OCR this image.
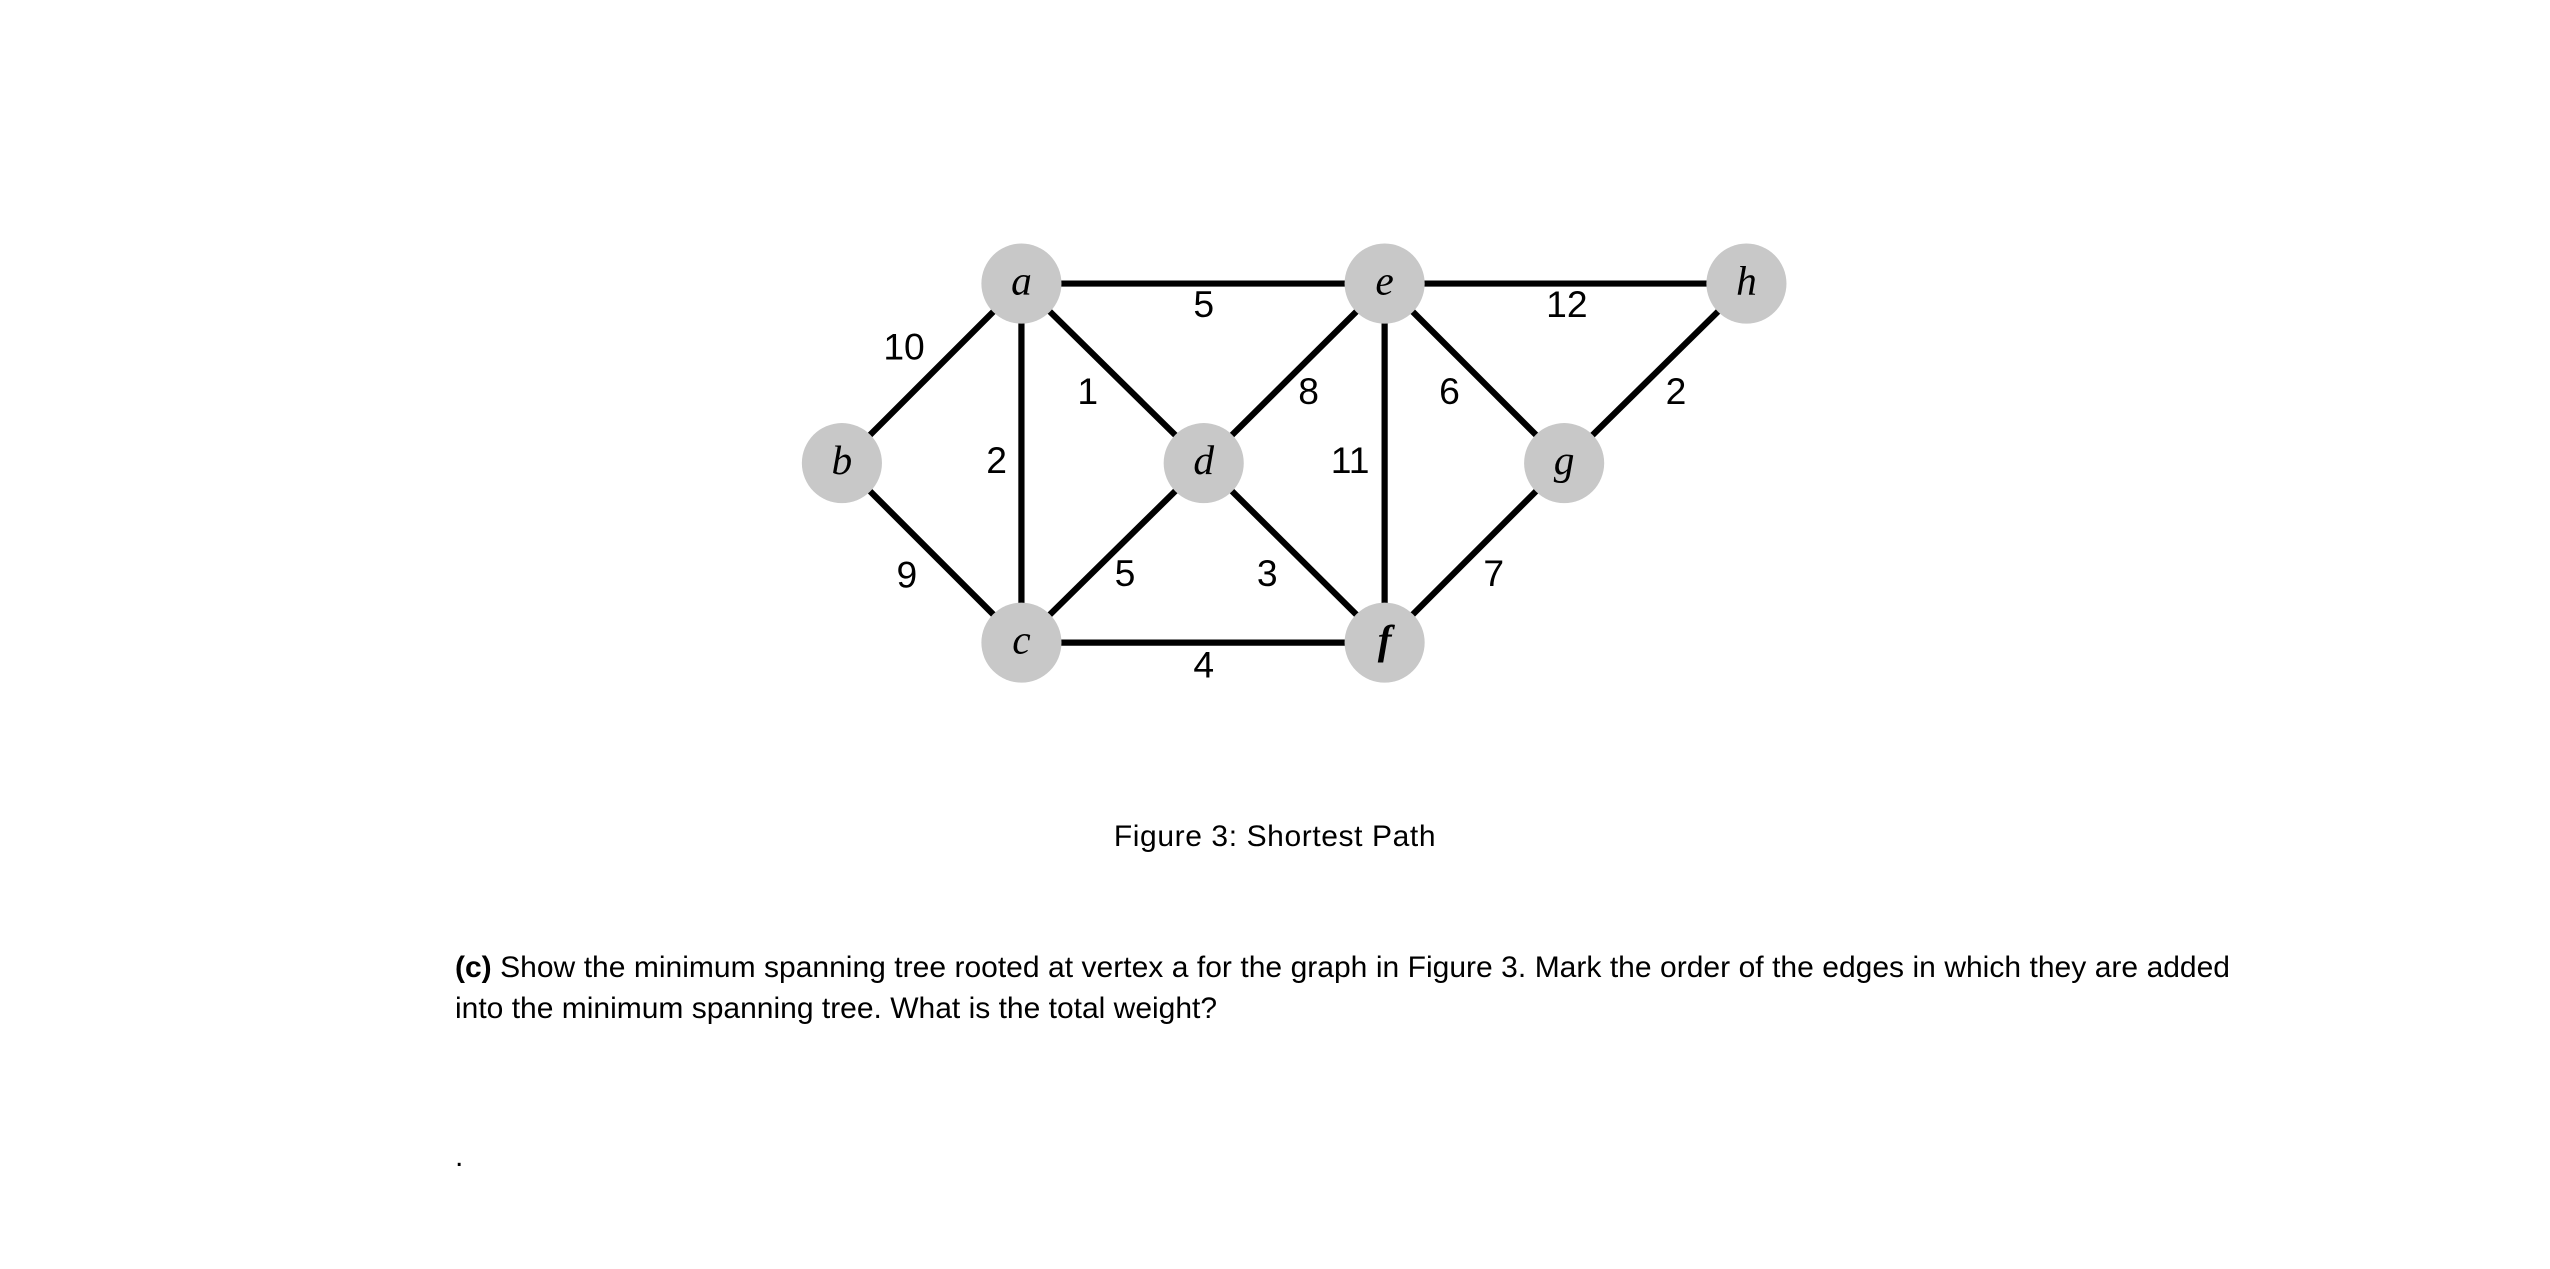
10
2
1
5
9	5
4
8
3
11
6
12
7
2
a
b
c
d
e
f
g
h
Figure 3: Shortest Path
(c) Show the minimum spanning tree rooted at vertex a for the graph in Figure 3. Mark the order of the edges in which they are added into the minimum spanning tree. What is the total weight?
.
